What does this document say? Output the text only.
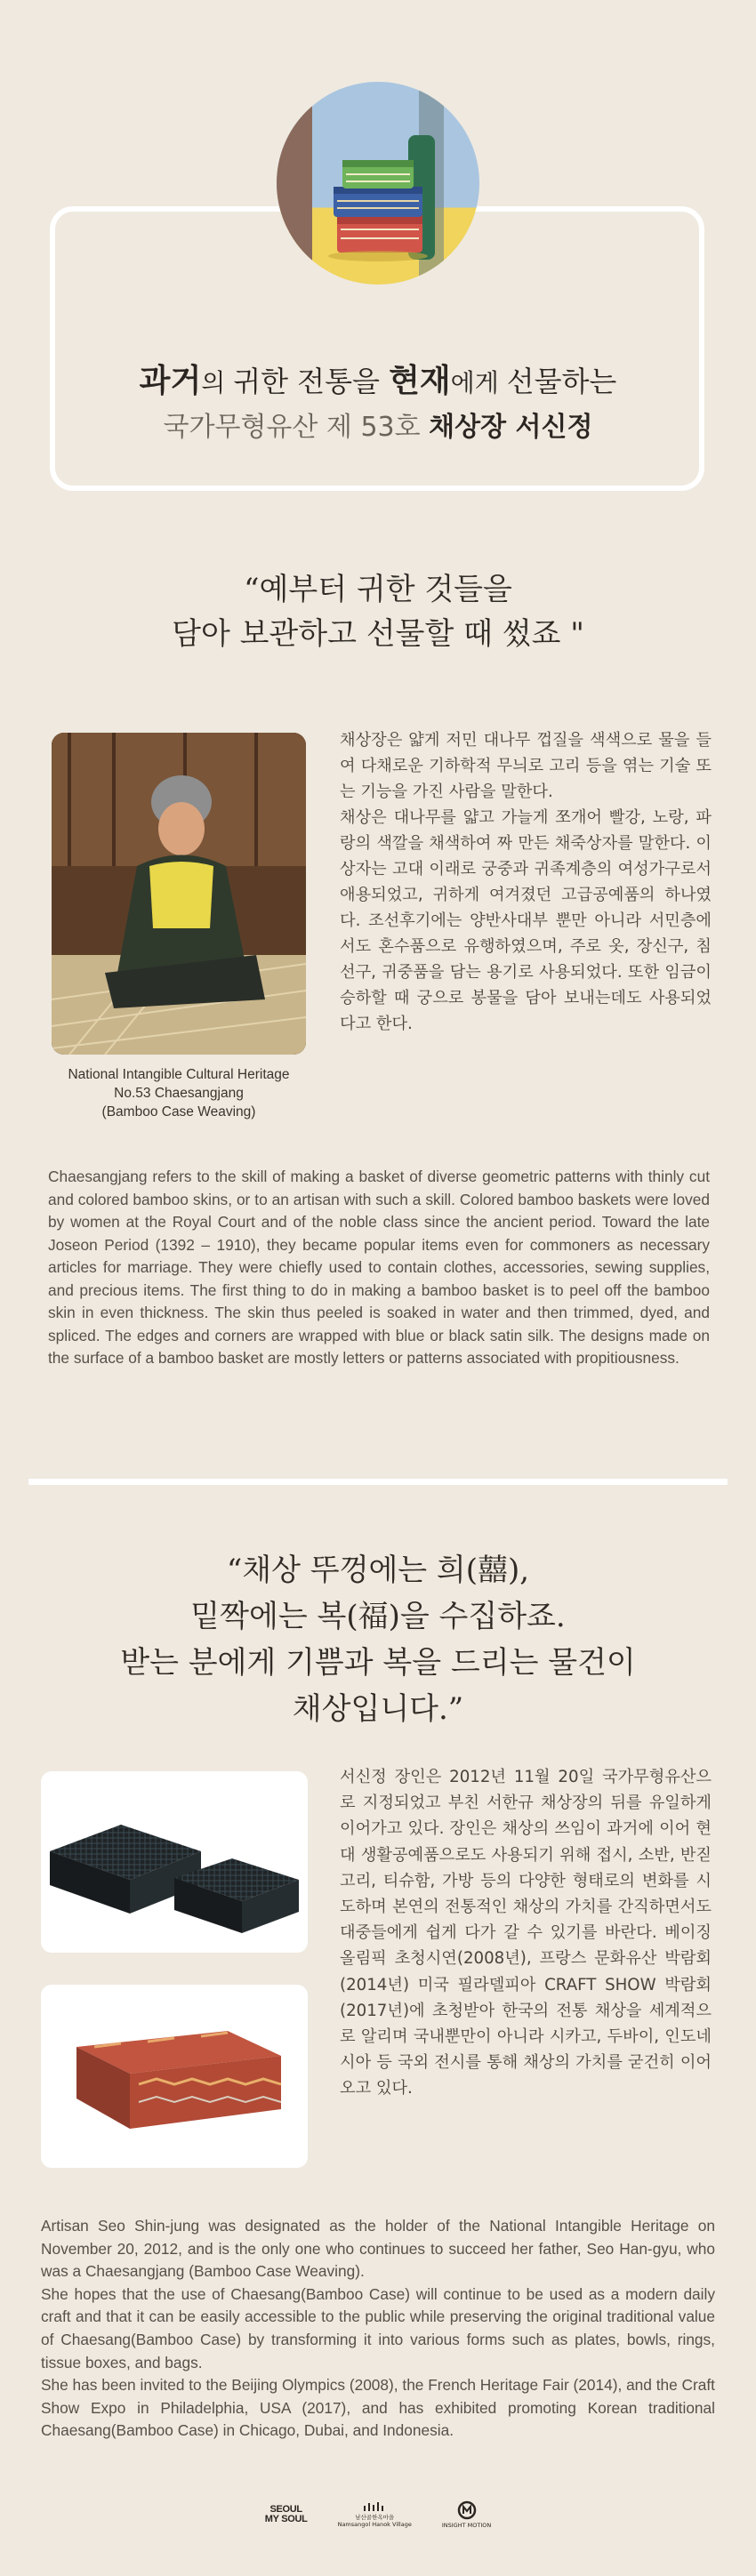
과거의 귀한 전통을 현재에게 선물하는
국가무형유산 제 53호 채상장 서신정
“예부터 귀한 것들을
담아 보관하고 선물할 때 썼죠 "
National Intangible Cultural Heritage
No.53 Chaesangjang
(Bamboo Case Weaving)

채상장은 얇게 저민 대나무 껍질을 색색으로 물을 들여 다채로운 기하학적 무늬로 고리 등을 엮는 기술 또는 기능을 가진 사람을 말한다.

채상은 대나무를 얇고 가늘게 쪼개어 빨강, 노랑, 파랑의 색깔을 채색하여 짜 만든 채죽상자를 말한다. 이 상자는 고대 이래로 궁중과 귀족계층의 여성가구로서 애용되었고, 귀하게 여겨졌던 고급공예품의 하나였다. 조선후기에는 양반사대부 뿐만 아니라 서민층에서도 혼수품으로 유행하였으며, 주로 옷, 장신구, 침선구, 귀중품을 담는 용기로 사용되었다. 또한 임금이 승하할 때 궁으로 봉물을 담아 보내는데도 사용되었다고 한다.

Chaesangjang refers to the skill of making a basket of diverse geometric patterns with thinly cut and colored bamboo skins, or to an artisan with such a skill. Colored bamboo baskets were loved by women at the Royal Court and of the noble class since the ancient period. Toward the late Joseon Period (1392 – 1910), they became popular items even for commoners as necessary articles for marriage. They were chiefly used to contain clothes, accessories, sewing supplies, and precious items. The first thing to do in making a bamboo basket is to peel off the bamboo skin in even thickness. The skin thus peeled is soaked in water and then trimmed, dyed, and spliced. The edges and corners are wrapped with blue or black satin silk. The designs made on the surface of a bamboo basket are mostly letters or patterns associated with propitiousness.

“채상 뚜껑에는 희(囍),
밑짝에는 복(福)을 수집하죠.
받는 분에게 기쁨과 복을 드리는 물건이
채상입니다.”

서신정 장인은 2012년 11월 20일 국가무형유산으로 지정되었고 부친 서한규 채상장의 뒤를 유일하게 이어가고 있다. 장인은 채상의 쓰임이 과거에 이어 현대 생활공예품으로도 사용되기 위해 접시, 소반, 반짇고리, 티슈함, 가방 등의 다양한 형태로의 변화를 시도하며 본연의 전통적인 채상의 가치를 간직하면서도 대중들에게 쉽게 다가 갈 수 있기를 바란다. 베이징 올림픽 초청시연(2008년), 프랑스 문화유산 박람회(2014년) 미국 필라델피아 CRAFT SHOW 박람회(2017년)에 초청받아 한국의 전통 채상을 세계적으로 알리며 국내뿐만이 아니라 시카고, 두바이, 인도네시아 등 국외 전시를 통해 채상의 가치를 굳건히 이어오고 있다.

Artisan Seo Shin-jung was designated as the holder of the National Intangible Heritage on November 20, 2012, and is the only one who continues to succeed her father, Seo Han-gyu, who was a Chaesangjang (Bamboo Case Weaving).

She hopes that the use of Chaesang(Bamboo Case) will continue to be used as a modern daily craft and that it can be easily accessible to the public while preserving the original traditional value of Chaesang(Bamboo Case) by transforming it into various forms such as plates, bowls, rings, tissue boxes, and bags.

She has been invited to the Beijing Olympics (2008), the French Heritage Fair (2014), and the Craft Show Expo in Philadelphia, USA (2017), and has exhibited promoting Korean traditional Chaesang(Bamboo Case) in Chicago, Dubai, and Indonesia.

SEOUL
MY SOUL	남산골한옥마을
Namsangol Hanok Village	INSIGHT MOTION
